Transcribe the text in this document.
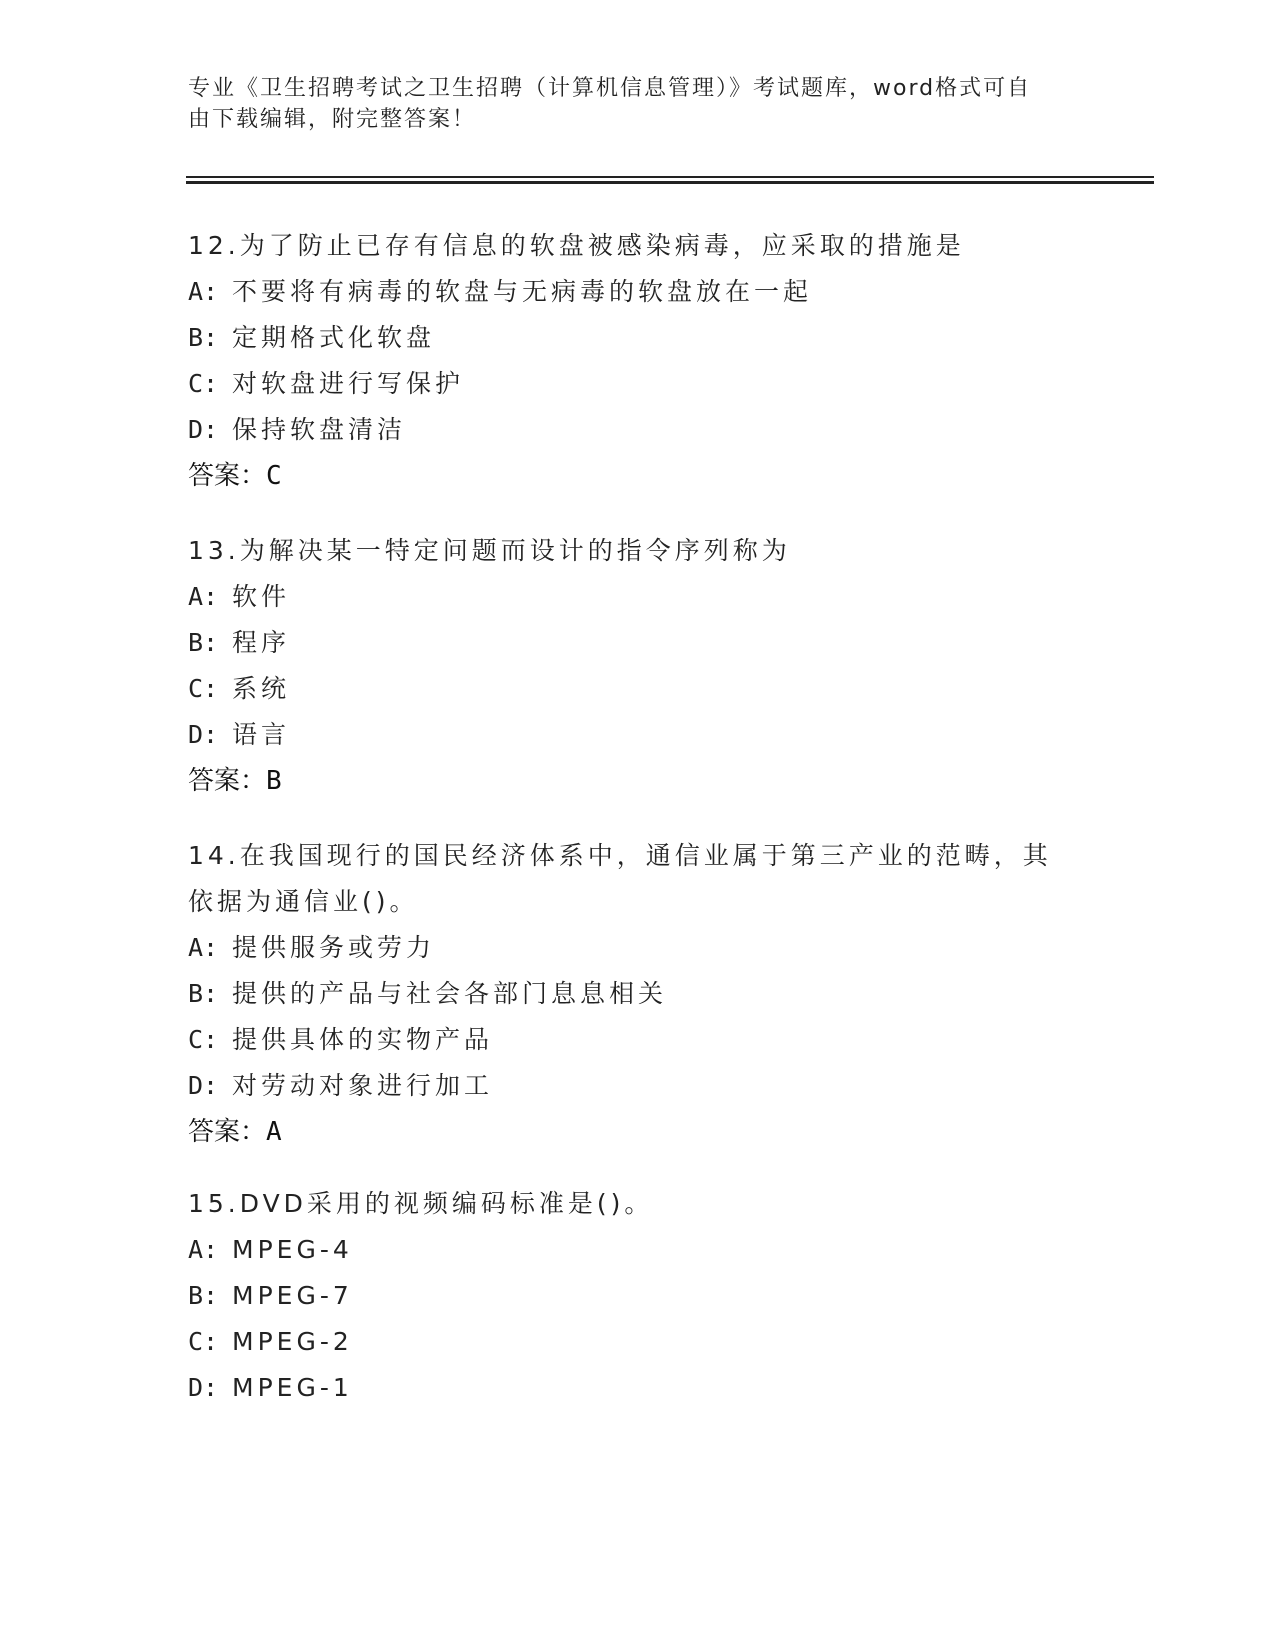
专业《卫生招聘考试之卫生招聘（计算机信息管理）》考试题库，word格式可自
由下载编辑，附完整答案！
12.为了防止已存有信息的软盘被感染病毒，应采取的措施是
A: 不要将有病毒的软盘与无病毒的软盘放在一起
B: 定期格式化软盘
C: 对软盘进行写保护
D: 保持软盘清洁
答案：C
13.为解决某一特定问题而设计的指令序列称为
A: 软件
B: 程序
C: 系统
D: 语言
答案：B
14.在我国现行的国民经济体系中，通信业属于第三产业的范畴，其依据为通信业()。
A: 提供服务或劳力
B: 提供的产品与社会各部门息息相关
C: 提供具体的实物产品
D: 对劳动对象进行加工
答案：A
15.DVD采用的视频编码标准是()。
A: MPEG-4
B: MPEG-7
C: MPEG-2
D: MPEG-1
